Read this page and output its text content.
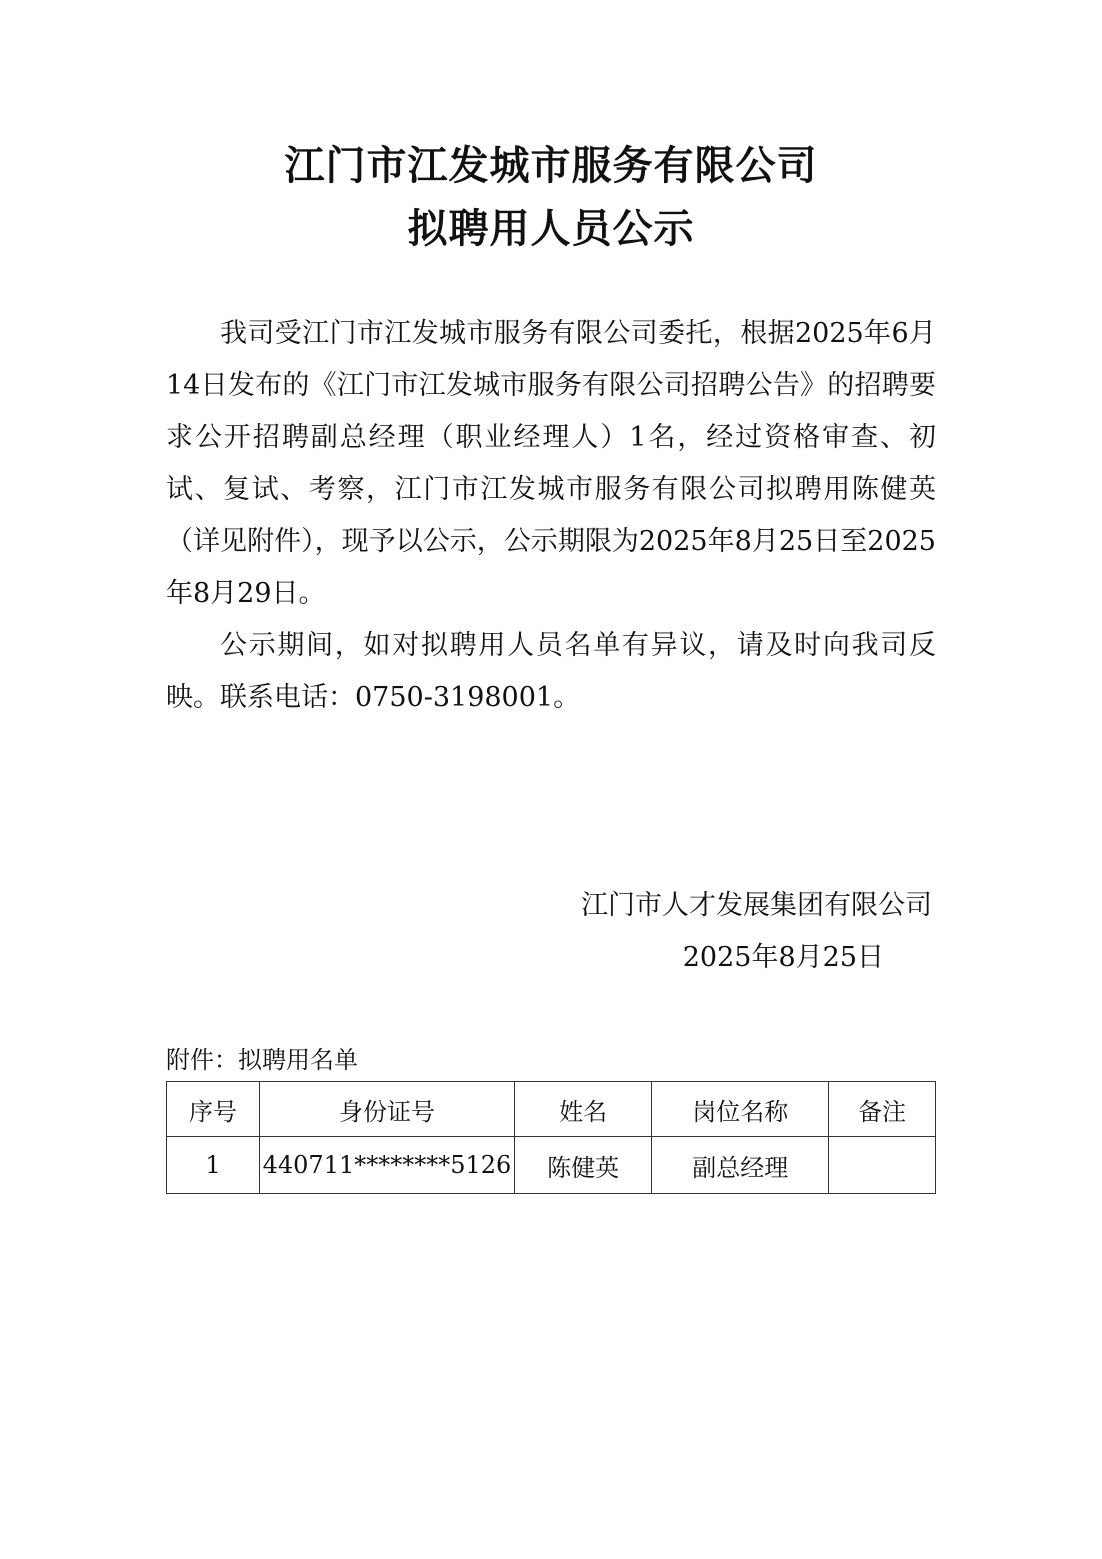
江门市江发城市服务有限公司
拟聘用人员公示

我司受江门市江发城市服务有限公司委托，根据2025年6月14日发布的《江门市江发城市服务有限公司招聘公告》的招聘要求公开招聘副总经理（职业经理人）1名，经过资格审查、初试、复试、考察，江门市江发城市服务有限公司拟聘用陈健英（详见附件），现予以公示，公示期限为2025年8月25日至2025年8月29日。

公示期间，如对拟聘用人员名单有异议，请及时向我司反映。联系电话：0750-3198001。

江门市人才发展集团有限公司
2025年8月25日
附件：拟聘用名单
序号	身份证号	姓名	岗位名称	备注
1	440711********5126	陈健英	副总经理	
